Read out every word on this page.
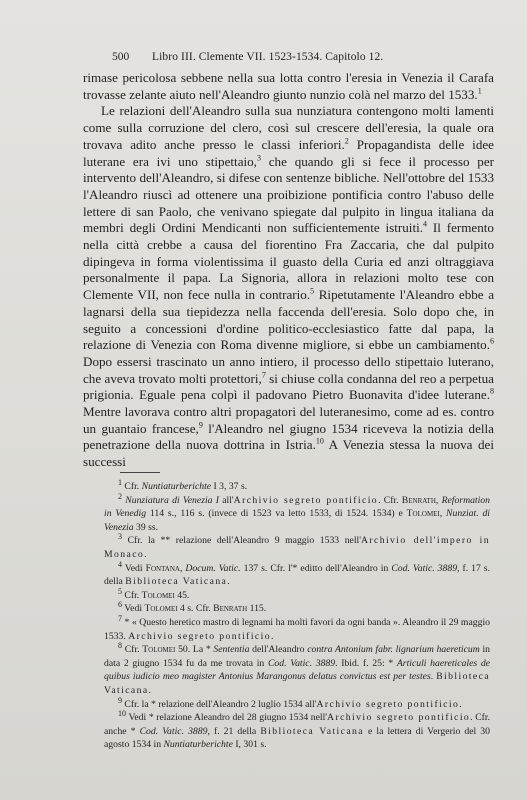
500	Libro III. Clemente VII. 1523-1534. Capitolo 12.

rimase pericolosa sebbene nella sua lotta contro l'eresia in Venezia il Carafa trovasse zelante aiuto nell'Aleandro giunto nunzio colà nel marzo del 1533.$^1$

Le relazioni dell'Aleandro sulla sua nunziatura contengono molti lamenti come sulla corruzione del clero, così sul crescere dell'eresia, la quale ora trovava adito anche presso le classi inferiori.$^2$ Propagandista delle idee luterane era ivi uno stipettaio,$^3$ che quando gli si fece il processo per intervento dell'Aleandro, si difese con sentenze bibliche. Nell'ottobre del 1533 l'Aleandro riuscì ad ottenere una proibizione pontificia contro l'abuso delle lettere di san Paolo, che venivano spiegate dal pulpito in lingua italiana da membri degli Ordini Mendicanti non sufficientemente istruiti.$^4$ Il fermento nella città crebbe a causa del fiorentino Fra Zaccaria, che dal pulpito dipingeva in forma violentissima il guasto della Curia ed anzi oltraggiava personalmente il papa. La Signoria, allora in relazioni molto tese con Clemente VII, non fece nulla in contrario.$^5$ Ripetutamente l'Aleandro ebbe a lagnarsi della sua tiepidezza nella faccenda dell'eresia. Solo dopo che, in seguito a concessioni d'ordine politico-ecclesiastico fatte dal papa, la relazione di Venezia con Roma divenne migliore, si ebbe un cambiamento.$^6$ Dopo essersi trascinato un anno intiero, il processo dello stipettaio luterano, che aveva trovato molti protettori,$^7$ si chiuse colla condanna del reo a perpetua prigionia. Eguale pena colpì il padovano Pietro Buonavita d'idee luterane.$^8$ Mentre lavorava contro altri propagatori del luteranesimo, come ad es. contro un guantaio francese,$^9$ l'Aleandro nel giugno 1534 riceveva la notizia della penetrazione della nuova dottrina in Istria.$^{10}$ A Venezia stessa la nuova dei successi

$^1$ Cfr. Nuntiaturberichte I 3, 37 s.

$^2$ Nunziatura di Venezia I all'Archivio segreto pontificio. Cfr. Benrath, Reformation in Venedig 114 s., 116 s. (invece di 1523 va letto 1533, di 1524. 1534) e Tolomei, Nunziat. di Venezia 39 ss.

$^3$ Cfr. la ** relazione dell'Aleandro 9 maggio 1533 nell'Archivio dell'impero in Monaco.

$^4$ Vedi Fontana, Docum. Vatic. 137 s. Cfr. l'* editto dell'Aleandro in Cod. Vatic. 3889, f. 17 s. della Biblioteca Vaticana.

$^5$ Cfr. Tolomei 45.

$^6$ Vedi Tolomei 4 s. Cfr. Benrath 115.

$^7$ * « Questo heretico mastro di legnami ha molti favori da ogni banda ». Aleandro il 29 maggio 1533. Archivio segreto pontificio.

$^8$ Cfr. Tolomei 50. La * Sententia dell'Aleandro contra Antonium fabr. lignarium haereticum in data 2 giugno 1534 fu da me trovata in Cod. Vatic. 3889. Ibid. f. 25: * Articuli haereticales de quibus iudicio meo magister Antonius Marangonus delatus convictus est per testes. Biblioteca Vaticana.

$^9$ Cfr. la * relazione dell'Aleandro 2 luglio 1534 all'Archivio segreto pontificio.

$^{10}$ Vedi * relazione Aleandro del 28 giugno 1534 nell'Archivio segreto pontificio. Cfr. anche * Cod. Vatic. 3889, f. 21 della Biblioteca Vaticana e la lettera di Vergerio del 30 agosto 1534 in Nuntiaturberichte I, 301 s.
